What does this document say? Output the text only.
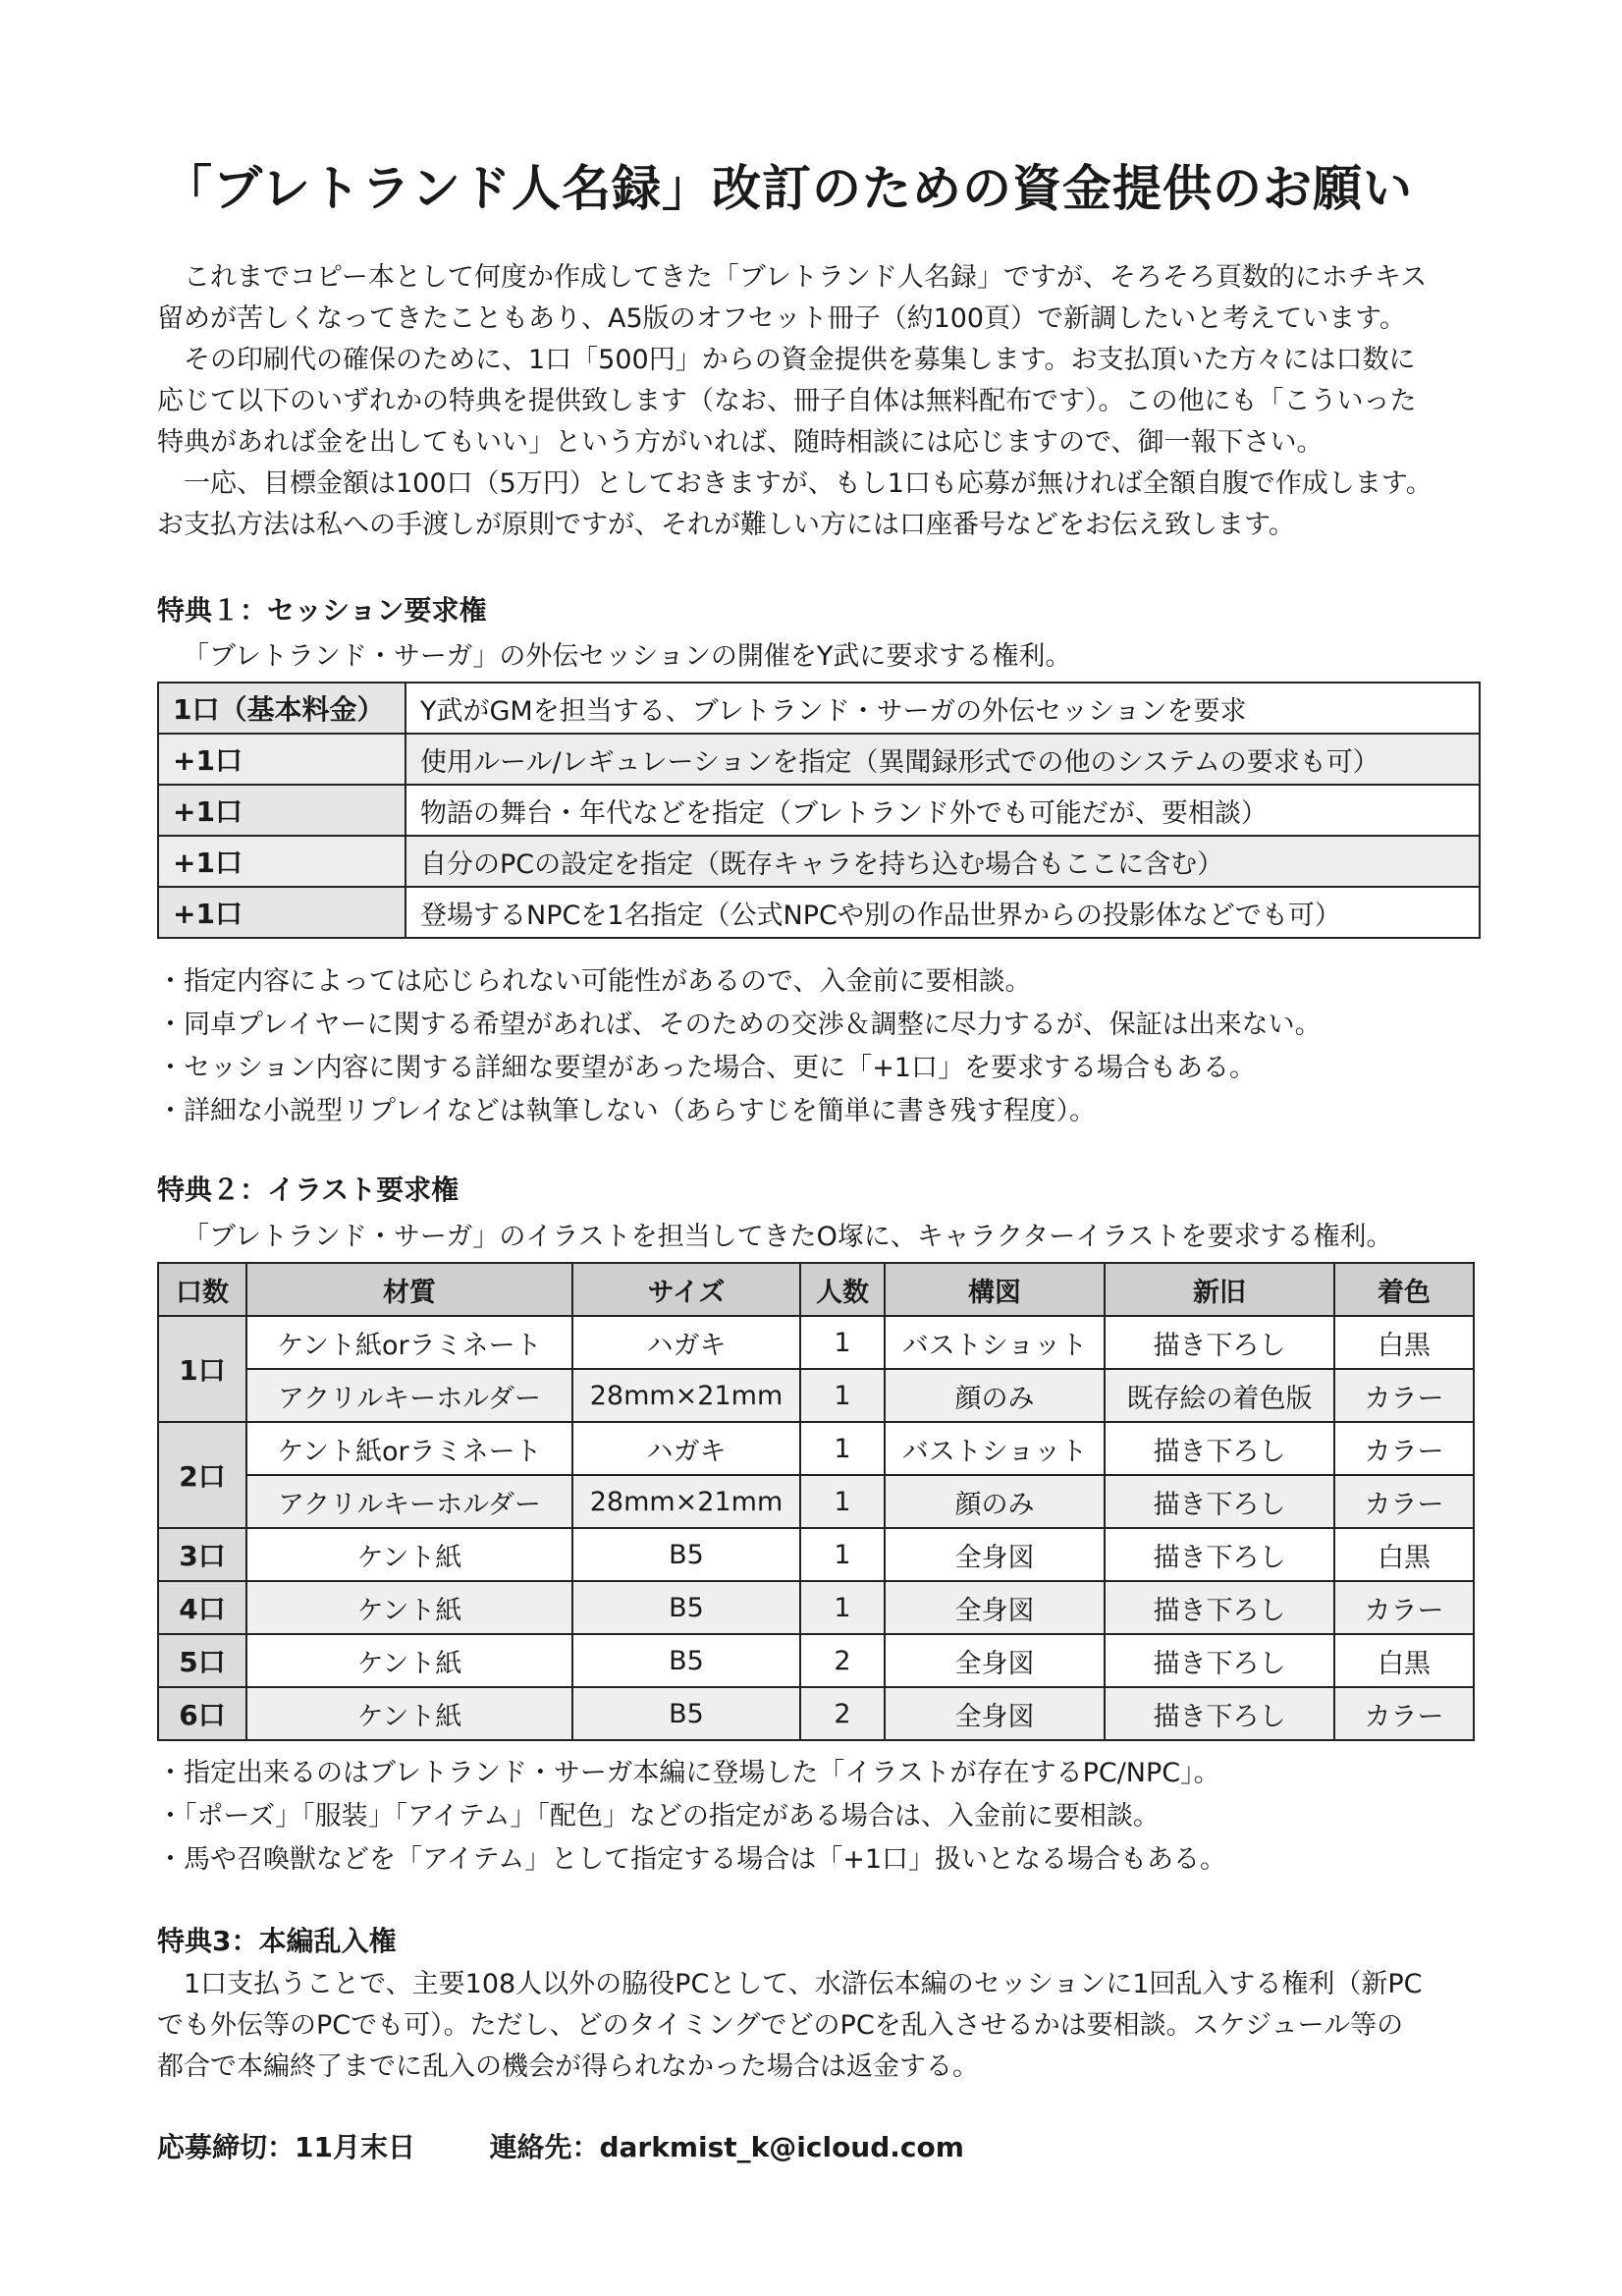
「ブレトランド人名録」改訂のための資金提供のお願い
　これまでコピー本として何度か作成してきた「ブレトランド人名録」ですが、そろそろ頁数的にホチキス
留めが苦しくなってきたこともあり、A5版のオフセット冊子（約100頁）で新調したいと考えています。
　その印刷代の確保のために、1口「500円」からの資金提供を募集します。お支払頂いた方々には口数に
応じて以下のいずれかの特典を提供致します（なお、冊子自体は無料配布です）。この他にも「こういった
特典があれば金を出してもいい」という方がいれば、随時相談には応じますので、御一報下さい。
　一応、目標金額は100口（5万円）としておきますが、もし1口も応募が無ければ全額自腹で作成します。
お支払方法は私への手渡しが原則ですが、それが難しい方には口座番号などをお伝え致します。
特典１：セッション要求権
「ブレトランド・サーガ」の外伝セッションの開催をY武に要求する権利。
1口（基本料金）	Y武がGMを担当する、ブレトランド・サーガの外伝セッションを要求
+1口	使用ルール/レギュレーションを指定（異聞録形式での他のシステムの要求も可）
+1口	物語の舞台・年代などを指定（ブレトランド外でも可能だが、要相談）
+1口	自分のPCの設定を指定（既存キャラを持ち込む場合もここに含む）
+1口	登場するNPCを1名指定（公式NPCや別の作品世界からの投影体などでも可）
・指定内容によっては応じられない可能性があるので、入金前に要相談。
・同卓プレイヤーに関する希望があれば、そのための交渉＆調整に尽力するが、保証は出来ない。
・セッション内容に関する詳細な要望があった場合、更に「+1口」を要求する場合もある。
・詳細な小説型リプレイなどは執筆しない（あらすじを簡単に書き残す程度）。
特典２：イラスト要求権
「ブレトランド・サーガ」のイラストを担当してきたO塚に、キャラクターイラストを要求する権利。
口数	材質	サイズ	人数	構図	新旧	着色
1口	ケント紙orラミネート	ハガキ	1	バストショット	描き下ろし	白黒
	アクリルキーホルダー	28mm×21mm	1	顔のみ	既存絵の着色版	カラー
2口	ケント紙orラミネート	ハガキ	1	バストショット	描き下ろし	カラー
	アクリルキーホルダー	28mm×21mm	1	顔のみ	描き下ろし	カラー
3口	ケント紙	B5	1	全身図	描き下ろし	白黒
4口	ケント紙	B5	1	全身図	描き下ろし	カラー
5口	ケント紙	B5	2	全身図	描き下ろし	白黒
6口	ケント紙	B5	2	全身図	描き下ろし	カラー
・指定出来るのはブレトランド・サーガ本編に登場した「イラストが存在するPC/NPC」。
・「ポーズ」「服装」「アイテム」「配色」などの指定がある場合は、入金前に要相談。
・馬や召喚獣などを「アイテム」として指定する場合は「+1口」扱いとなる場合もある。
特典3：本編乱入権
　1口支払うことで、主要108人以外の脇役PCとして、水滸伝本編のセッションに1回乱入する権利（新PC
でも外伝等のPCでも可）。ただし、どのタイミングでどのPCを乱入させるかは要相談。スケジュール等の
都合で本編終了までに乱入の機会が得られなかった場合は返金する。
応募締切：11月末日	連絡先：darkmist_k@icloud.com
